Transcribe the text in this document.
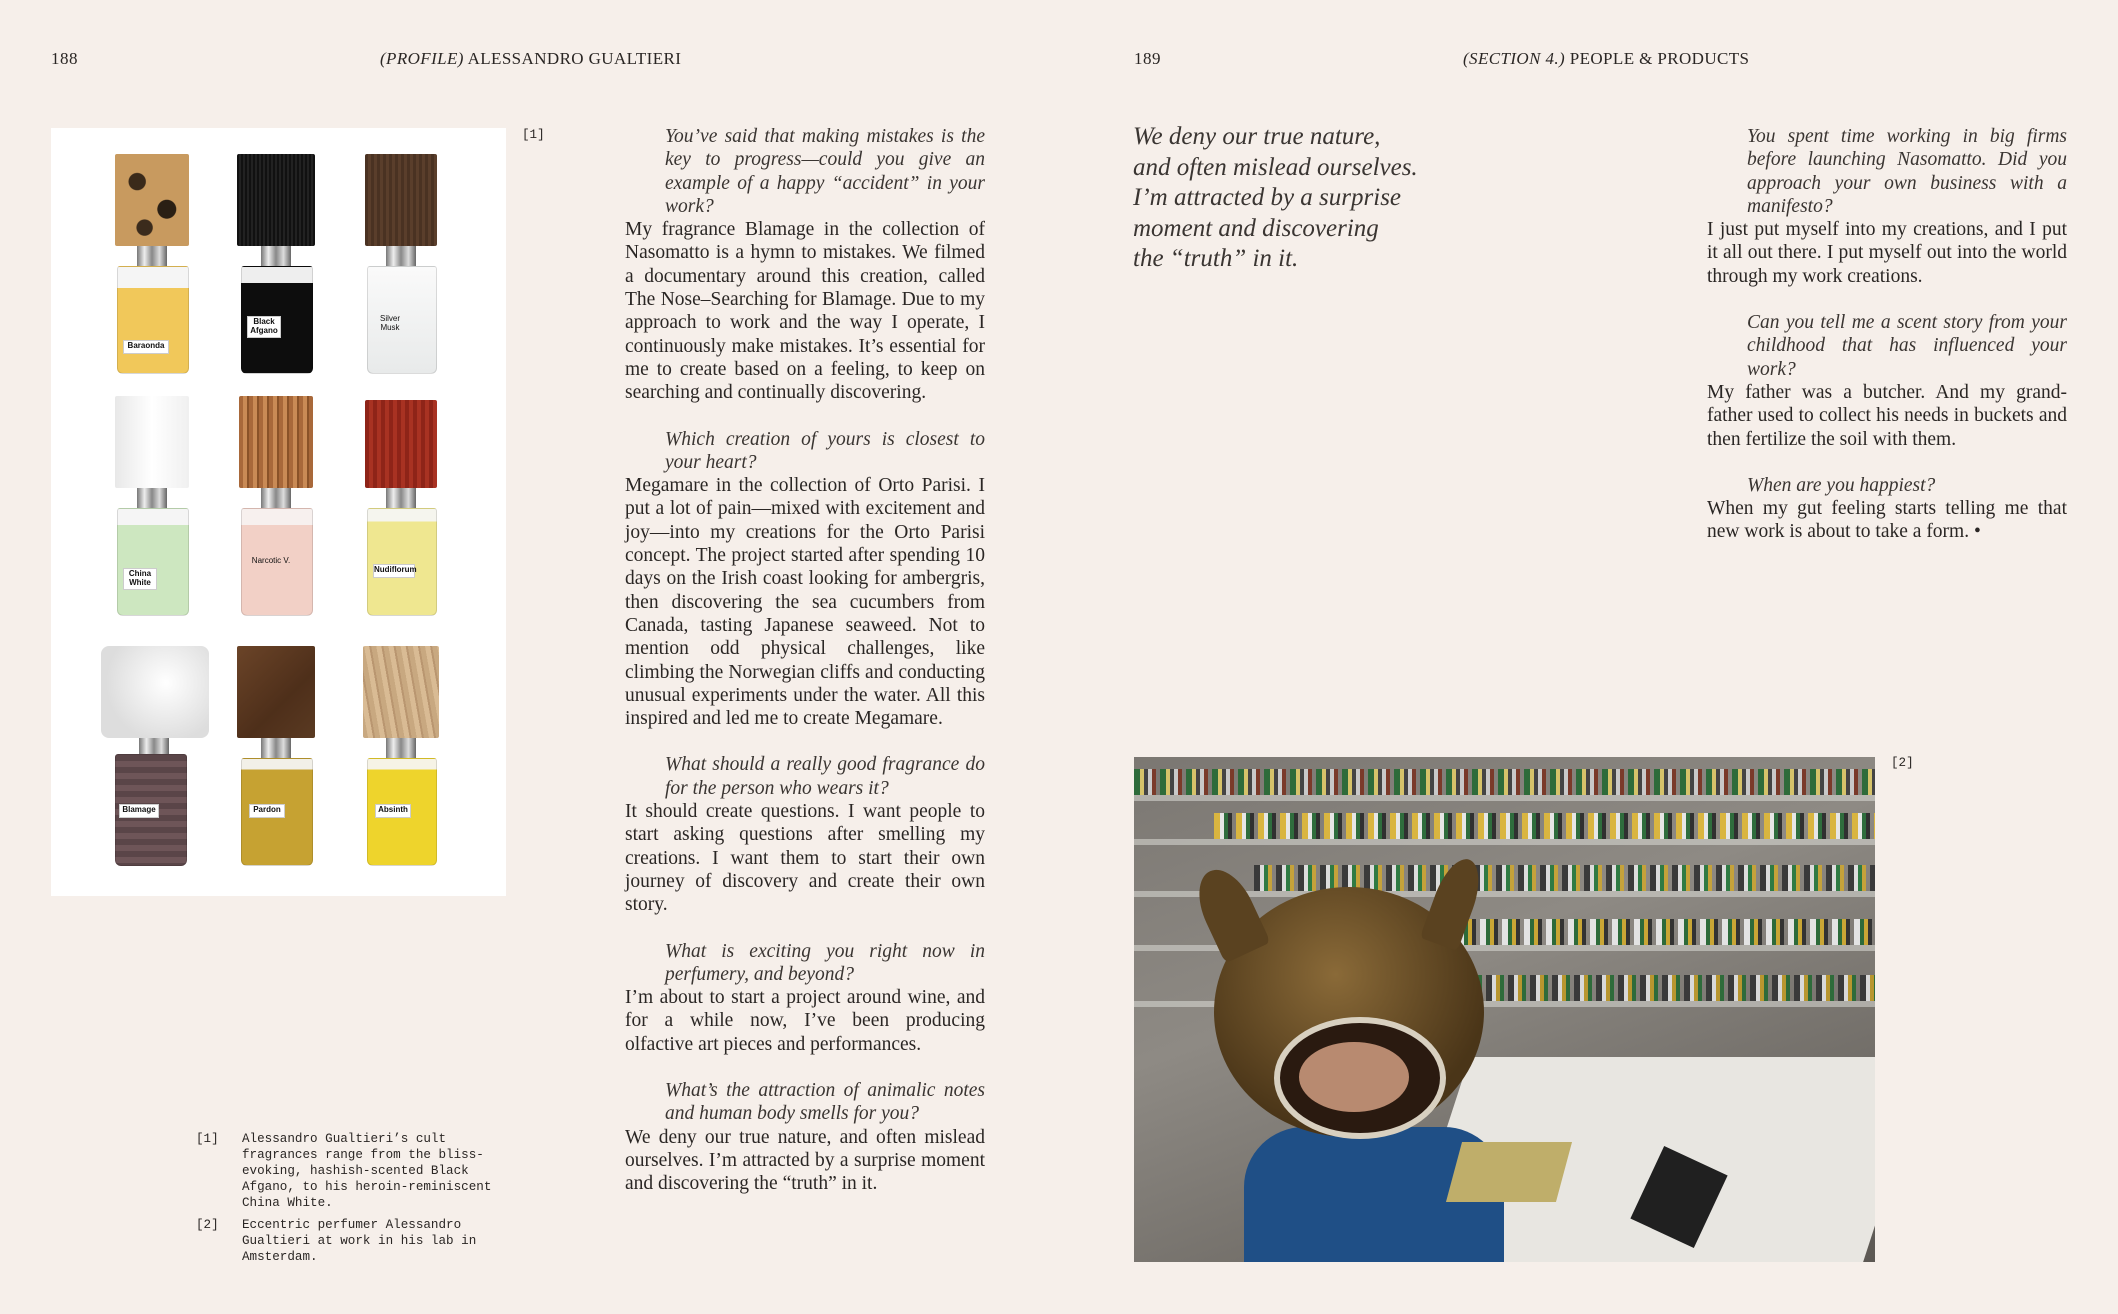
188	(PROFILE) ALESSANDRO GUALTIERI
Baraonda
Black Afgano
Silver Musk
China White
Narcotic V.
Nudiflorum
Blamage	Pardon	Absinth
[1]	You’ve said that making mistakes is the key to progress—could you give an example of a happy “accident” in your work?
My fragrance Blamage in the collection of Nasomatto is a hymn to mistakes. We filmed a documentary around this creation, called The Nose–Searching for Blamage. Due to my approach to work and the way I operate, I continuously make mistakes. It’s essential for me to create based on a feeling, to keep on searching and continually discovering.
Which creation of yours is closest to your heart?
Megamare in the collection of Orto Parisi. I put a lot of pain—mixed with excitement and joy—into my creations for the Orto Parisi concept. The project started after spending 10 days on the Irish coast looking for ambergris, then discovering the sea cucumbers from Canada, tasting Japanese seaweed. Not to mention odd physical challenges, like climbing the Norwegian cliffs and conducting unusual experiments under the water. All this inspired and led me to create Megamare.
What should a really good fragrance do for the person who wears it?
It should create questions. I want people to start asking questions after smelling my creations. I want them to start their own journey of discovery and create their own story.
What is exciting you right now in perfumery, and beyond?
I’m about to start a project around wine, and for a while now, I’ve been producing olfactive art pieces and performances.
What’s the attraction of animalic notes and human body smells for you?
We deny our true nature, and often mislead ourselves. I’m attracted by a surprise moment and discovering the “truth” in it.
[1]	Alessandro Gualtieri’s cult fragrances range from the bliss-evoking, hashish-scented Black Afgano, to his heroin-reminiscent China White.
[2]	Eccentric perfumer Alessandro Gualtieri at work in his lab in Amsterdam.
189	(SECTION 4.) PEOPLE & PRODUCTS
We deny our true nature,
and often mislead ourselves.
I’m attracted by a surprise
moment and discovering
the “truth” in it.
You spent time working in big firms before launching Nasomatto. Did you approach your own business with a manifesto?
I just put myself into my creations, and I put it all out there. I put myself out into the world through my work creations.
Can you tell me a scent story from your childhood that has influenced your work?
My father was a butcher. And my grand-father used to collect his needs in buckets and then fertilize the soil with them.
When are you happiest?
When my gut feeling starts telling me that new work is about to take a form. •
[2]
